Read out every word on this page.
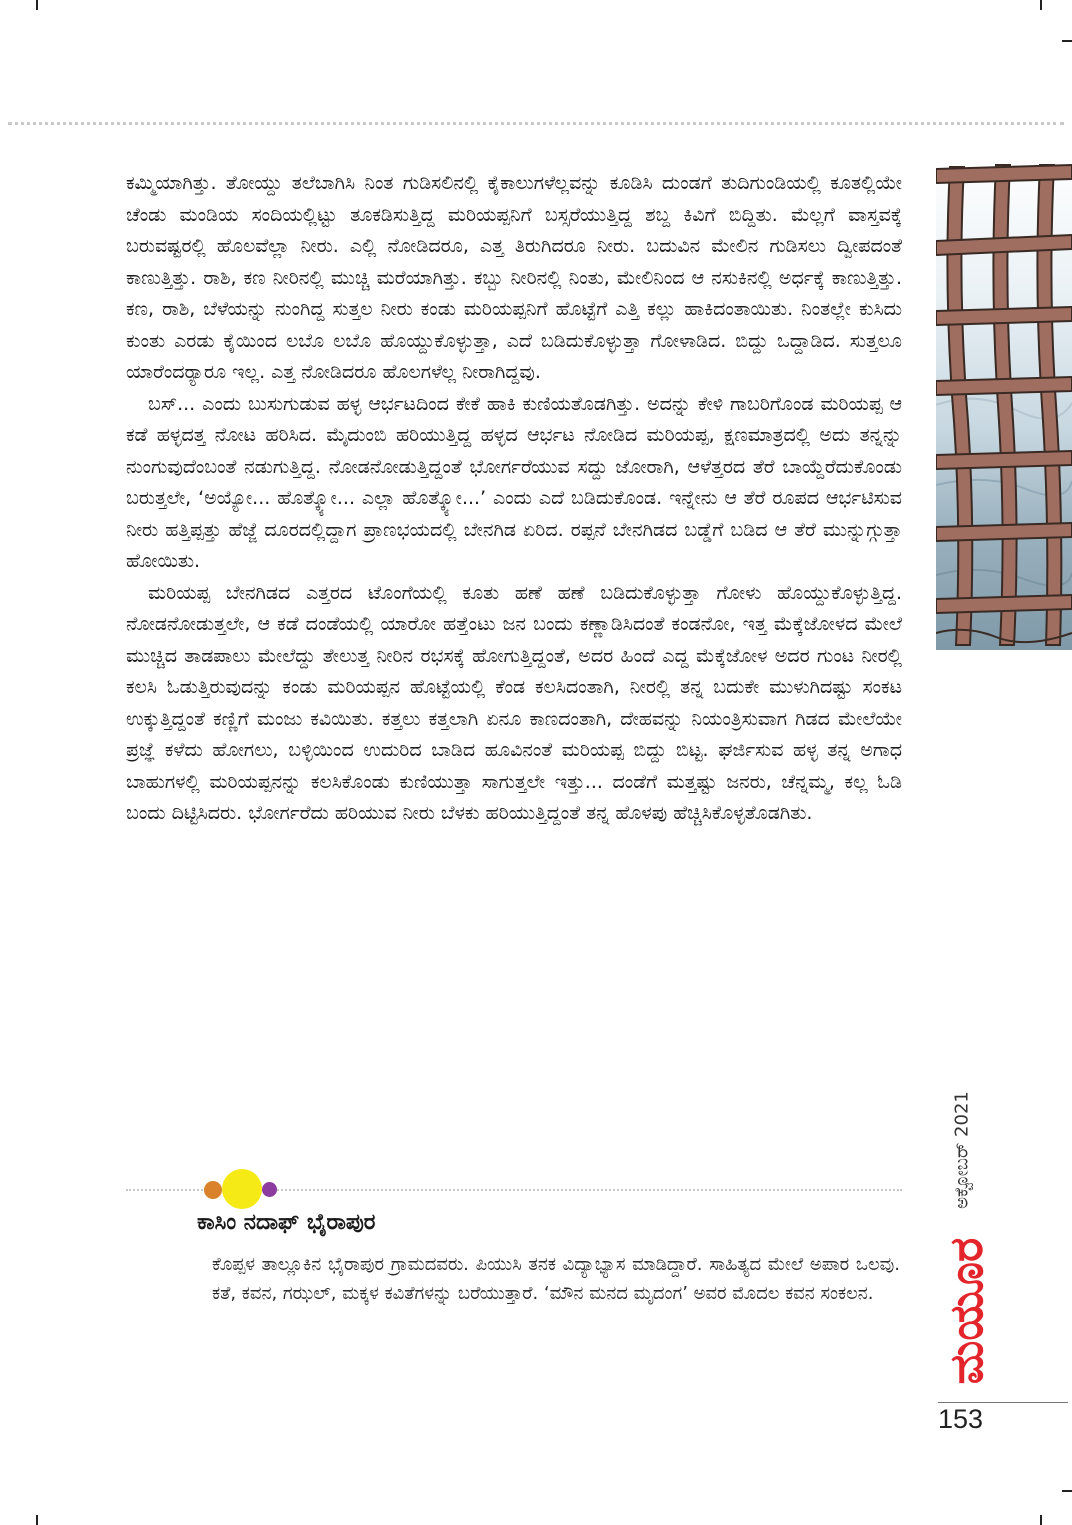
ಕಮ್ಮಿಯಾಗಿತ್ತು. ತೋಯ್ದು ತಲೆಬಾಗಿಸಿ ನಿಂತ ಗುಡಿಸಲಿನಲ್ಲಿ ಕೈಕಾಲುಗಳೆಲ್ಲವನ್ನು ಕೂಡಿಸಿ ದುಂಡಗೆ ತುದಿಗುಂಡಿಯಲ್ಲಿ ಕೂತಲ್ಲಿಯೇ ಚೆಂಡು ಮಂಡಿಯ ಸಂದಿಯಲ್ಲಿಟ್ಟು ತೂಕಡಿಸುತ್ತಿದ್ದ ಮರಿಯಪ್ಪನಿಗೆ ಬಸ್ಸರೆಯುತ್ತಿದ್ದ ಶಬ್ದ ಕಿವಿಗೆ ಬಿದ್ದಿತು. ಮೆಲ್ಲಗೆ ವಾಸ್ತವಕ್ಕೆ ಬರುವಷ್ಟರಲ್ಲಿ ಹೊಲವೆಲ್ಲಾ ನೀರು. ಎಲ್ಲಿ ನೋಡಿದರೂ, ಎತ್ತ ತಿರುಗಿದರೂ ನೀರು. ಬದುವಿನ ಮೇಲಿನ ಗುಡಿಸಲು ದ್ವೀಪದಂತೆ ಕಾಣುತ್ತಿತ್ತು. ರಾಶಿ, ಕಣ ನೀರಿನಲ್ಲಿ ಮುಚ್ಚಿ ಮರೆಯಾಗಿತ್ತು. ಕಬ್ಬು ನೀರಿನಲ್ಲಿ ನಿಂತು, ಮೇಲಿನಿಂದ ಆ ನಸುಕಿನಲ್ಲಿ ಅರ್ಧಕ್ಕೆ ಕಾಣುತ್ತಿತ್ತು. ಕಣ, ರಾಶಿ, ಬೆಳೆಯನ್ನು ನುಂಗಿದ್ದ ಸುತ್ತಲ ನೀರು ಕಂಡು ಮರಿಯಪ್ಪನಿಗೆ ಹೊಟ್ಟೆಗೆ ಎತ್ತಿ ಕಲ್ಲು ಹಾಕಿದಂತಾಯಿತು. ನಿಂತಲ್ಲೇ ಕುಸಿದು ಕುಂತು ಎರಡು ಕೈಯಿಂದ ಲಬೊ ಲಬೊ ಹೊಯ್ದುಕೊಳ್ಳುತ್ತಾ, ಎದೆ ಬಡಿದುಕೊಳ್ಳುತ್ತಾ ಗೋಳಾಡಿದ. ಬಿದ್ದು ಒದ್ದಾಡಿದ. ಸುತ್ತಲೂ ಯಾರೆಂದರ್‍ಯಾರೂ ಇಲ್ಲ. ಎತ್ತ ನೋಡಿದರೂ ಹೊಲಗಳೆಲ್ಲ ನೀರಾಗಿದ್ದವು.

ಬಸ್... ಎಂದು ಬುಸುಗುಡುವ ಹಳ್ಳ ಆರ್ಭಟದಿಂದ ಕೇಕೆ ಹಾಕಿ ಕುಣಿಯತೊಡಗಿತ್ತು. ಅದನ್ನು ಕೇಳಿ ಗಾಬರಿಗೊಂಡ ಮರಿಯಪ್ಪ ಆ ಕಡೆ ಹಳ್ಳದತ್ತ ನೋಟ ಹರಿಸಿದ. ಮೈದುಂಬಿ ಹರಿಯುತ್ತಿದ್ದ ಹಳ್ಳದ ಆರ್ಭಟ ನೋಡಿದ ಮರಿಯಪ್ಪ, ಕ್ಷಣಮಾತ್ರದಲ್ಲಿ ಅದು ತನ್ನನ್ನು ನುಂಗುವುದೆಂಬಂತೆ ನಡುಗುತ್ತಿದ್ದ. ನೋಡನೋಡುತ್ತಿದ್ದಂತೆ ಭೋರ್ಗರೆಯುವ ಸದ್ದು ಜೋರಾಗಿ, ಆಳೆತ್ತರದ ತೆರೆ ಬಾಯ್ದೆರೆದುಕೊಂಡು ಬರುತ್ತಲೇ, ‘ಅಯ್ಯೋ... ಹೊತ್ಕ್ಯೋ... ಎಲ್ಲಾ ಹೊತ್ಕ್ಯೋ...’ ಎಂದು ಎದೆ ಬಡಿದುಕೊಂಡ. ಇನ್ನೇನು ಆ ತೆರೆ ರೂಪದ ಆರ್ಭಟಿಸುವ ನೀರು ಹತ್ತಿಪ್ಪತ್ತು ಹೆಜ್ಜೆ ದೂರದಲ್ಲಿದ್ದಾಗ ಪ್ರಾಣಭಯದಲ್ಲಿ ಬೇನಗಿಡ ಏರಿದ. ರಪ್ಪನೆ ಬೇನಗಿಡದ ಬಡ್ಡೆಗೆ ಬಡಿದ ಆ ತೆರೆ ಮುನ್ನುಗ್ಗುತ್ತಾ ಹೋಯಿತು.

ಮರಿಯಪ್ಪ ಬೇನಗಿಡದ ಎತ್ತರದ ಟೊಂಗೆಯಲ್ಲಿ ಕೂತು ಹಣೆ ಹಣೆ ಬಡಿದುಕೊಳ್ಳುತ್ತಾ ಗೋಳು ಹೊಯ್ದುಕೊಳ್ಳುತ್ತಿದ್ದ. ನೋಡನೋಡುತ್ತಲೇ, ಆ ಕಡೆ ದಂಡೆಯಲ್ಲಿ ಯಾರೋ ಹತ್ತೆಂಟು ಜನ ಬಂದು ಕಣ್ಣಾಡಿಸಿದಂತೆ ಕಂಡನೋ, ಇತ್ತ ಮೆಕ್ಕೆಜೋಳದ ಮೇಲೆ ಮುಚ್ಚಿದ ತಾಡಪಾಲು ಮೇಲೆದ್ದು ತೇಲುತ್ತ ನೀರಿನ ರಭಸಕ್ಕೆ ಹೋಗುತ್ತಿದ್ದಂತೆ, ಅದರ ಹಿಂದೆ ಎದ್ದ ಮೆಕ್ಕೆಜೋಳ ಅದರ ಗುಂಟ ನೀರಲ್ಲಿ ಕಲಸಿ ಓಡುತ್ತಿರುವುದನ್ನು ಕಂಡು ಮರಿಯಪ್ಪನ ಹೊಟ್ಟೆಯಲ್ಲಿ ಕೆಂಡ ಕಲಸಿದಂತಾಗಿ, ನೀರಲ್ಲಿ ತನ್ನ ಬದುಕೇ ಮುಳುಗಿದಷ್ಟು ಸಂಕಟ ಉಕ್ಕುತ್ತಿದ್ದಂತೆ ಕಣ್ಣಿಗೆ ಮಂಜು ಕವಿಯಿತು. ಕತ್ತಲು ಕತ್ತಲಾಗಿ ಏನೂ ಕಾಣದಂತಾಗಿ, ದೇಹವನ್ನು ನಿಯಂತ್ರಿಸುವಾಗ ಗಿಡದ ಮೇಲೆಯೇ ಪ್ರಜ್ಞೆ ಕಳೆದು ಹೋಗಲು, ಬಳ್ಳಿಯಿಂದ ಉದುರಿದ ಬಾಡಿದ ಹೂವಿನಂತೆ ಮರಿಯಪ್ಪ ಬಿದ್ದು ಬಿಟ್ಟ. ಘರ್ಜಿಸುವ ಹಳ್ಳ ತನ್ನ ಅಗಾಧ ಬಾಹುಗಳಲ್ಲಿ ಮರಿಯಪ್ಪನನ್ನು ಕಲಸಿಕೊಂಡು ಕುಣಿಯುತ್ತಾ ಸಾಗುತ್ತಲೇ ಇತ್ತು... ದಂಡೆಗೆ ಮತ್ತಷ್ಟು ಜನರು, ಚೆನ್ನಮ್ಮ, ಕಲ್ಲ ಓಡಿ ಬಂದು ದಿಟ್ಟಿಸಿದರು. ಭೋರ್ಗರೆದು ಹರಿಯುವ ನೀರು ಬೆಳಕು ಹರಿಯುತ್ತಿದ್ದಂತೆ ತನ್ನ ಹೊಳಪು ಹೆಚ್ಚಿಸಿಕೊಳ್ಳತೊಡಗಿತು.

ಕಾಸಿಂ ನದಾಫ್ ಭೈರಾಪುರ
ಕೊಪ್ಪಳ ತಾಲ್ಲೂಕಿನ ಭೈರಾಪುರ ಗ್ರಾಮದವರು. ಪಿಯುಸಿ ತನಕ ವಿದ್ಯಾಭ್ಯಾಸ ಮಾಡಿದ್ದಾರೆ. ಸಾಹಿತ್ಯದ ಮೇಲೆ ಅಪಾರ ಒಲವು. ಕತೆ, ಕವನ, ಗಝಲ್, ಮಕ್ಕಳ ಕವಿತೆಗಳನ್ನು ಬರೆಯುತ್ತಾರೆ. ‘ಮೌನ ಮನದ ಮೃದಂಗ’ ಅವರ ಮೊದಲ ಕವನ ಸಂಕಲನ.
ಅಕ್ಟೋಬರ್ 2021
ಮಯೂರ
153
